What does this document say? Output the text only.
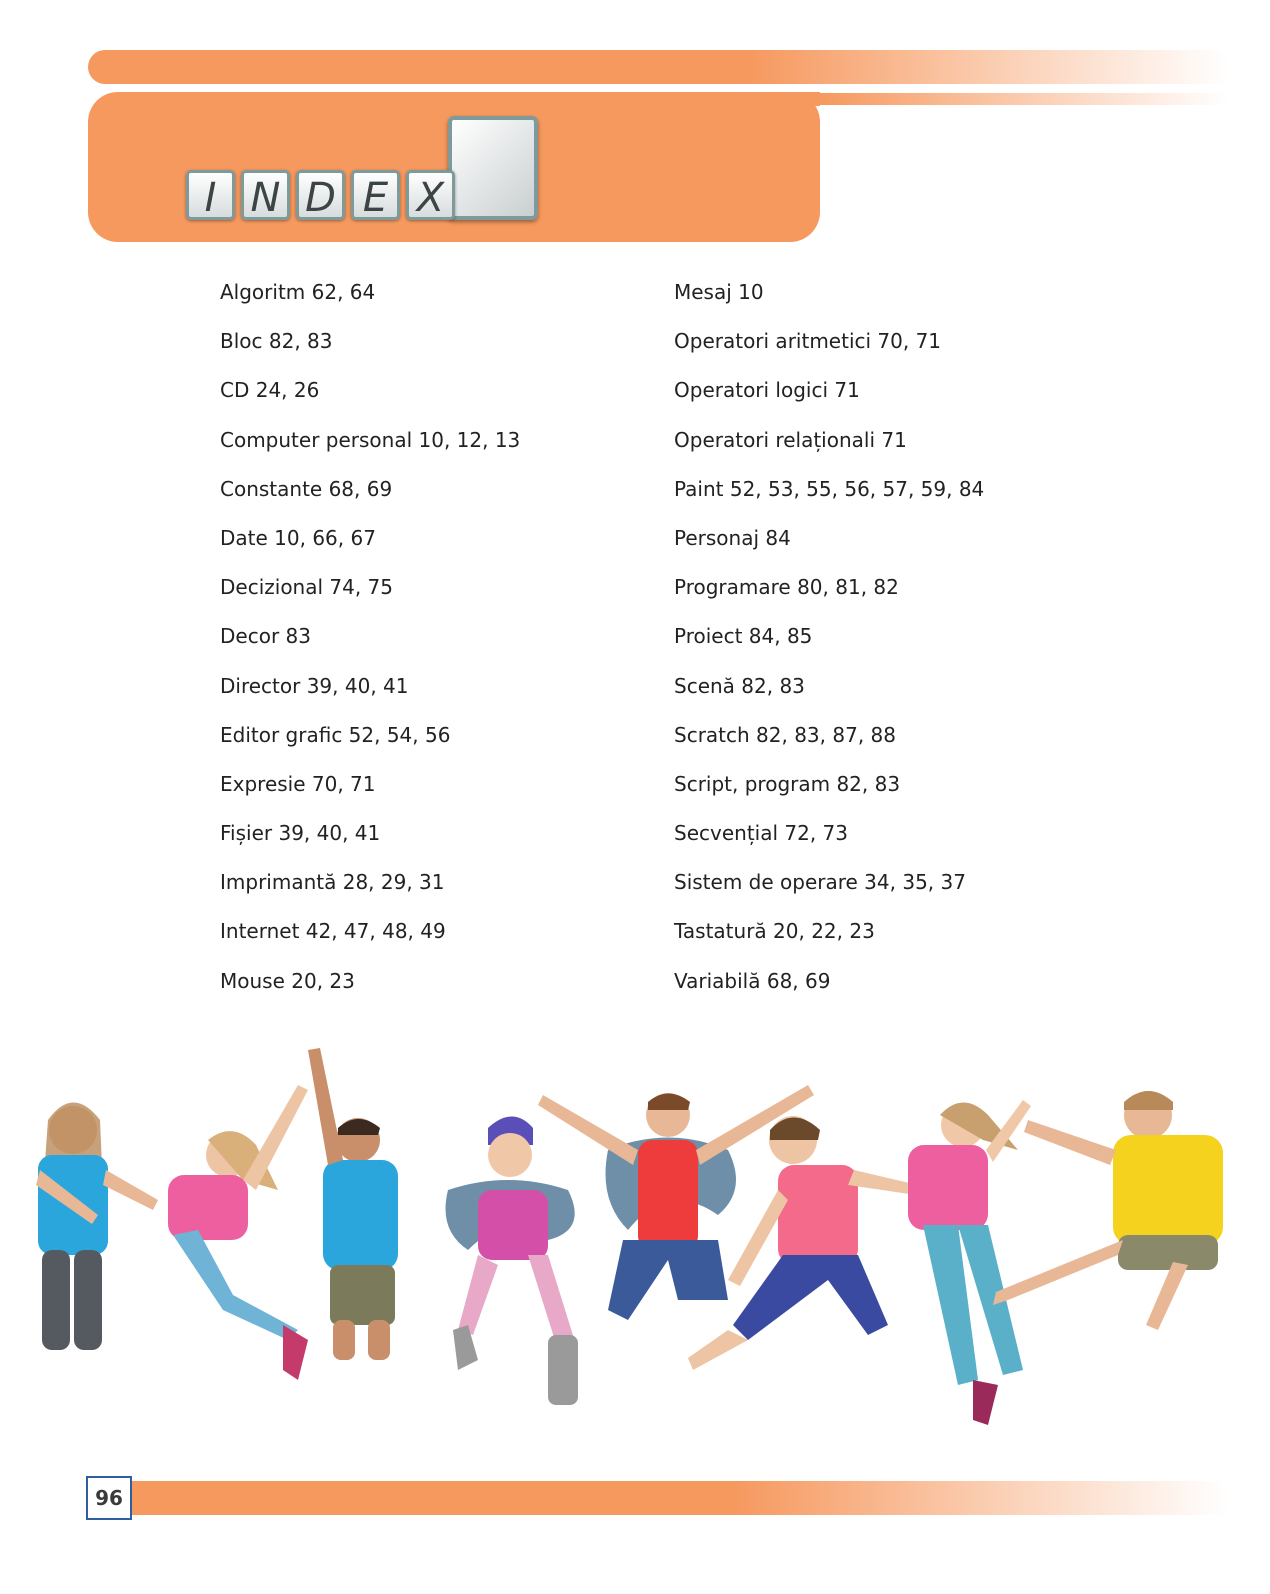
I N D E X
Algoritm 62, 64
Bloc 82, 83
CD 24, 26
Computer personal 10, 12, 13
Constante 68, 69
Date 10, 66, 67
Decizional 74, 75
Decor 83
Director 39, 40, 41
Editor grafic 52, 54, 56
Expresie 70, 71
Fișier 39, 40, 41
Imprimantă 28, 29, 31
Internet 42, 47, 48, 49
Mouse 20, 23
Mesaj 10
Operatori aritmetici 70, 71
Operatori logici 71
Operatori relaționali 71
Paint 52, 53, 55, 56, 57, 59, 84
Personaj 84
Programare 80, 81, 82
Proiect 84, 85
Scenă 82, 83
Scratch 82, 83, 87, 88
Script, program 82, 83
Secvențial 72, 73
Sistem de operare 34, 35, 37
Tastatură 20, 22, 23
Variabilă 68, 69
96
